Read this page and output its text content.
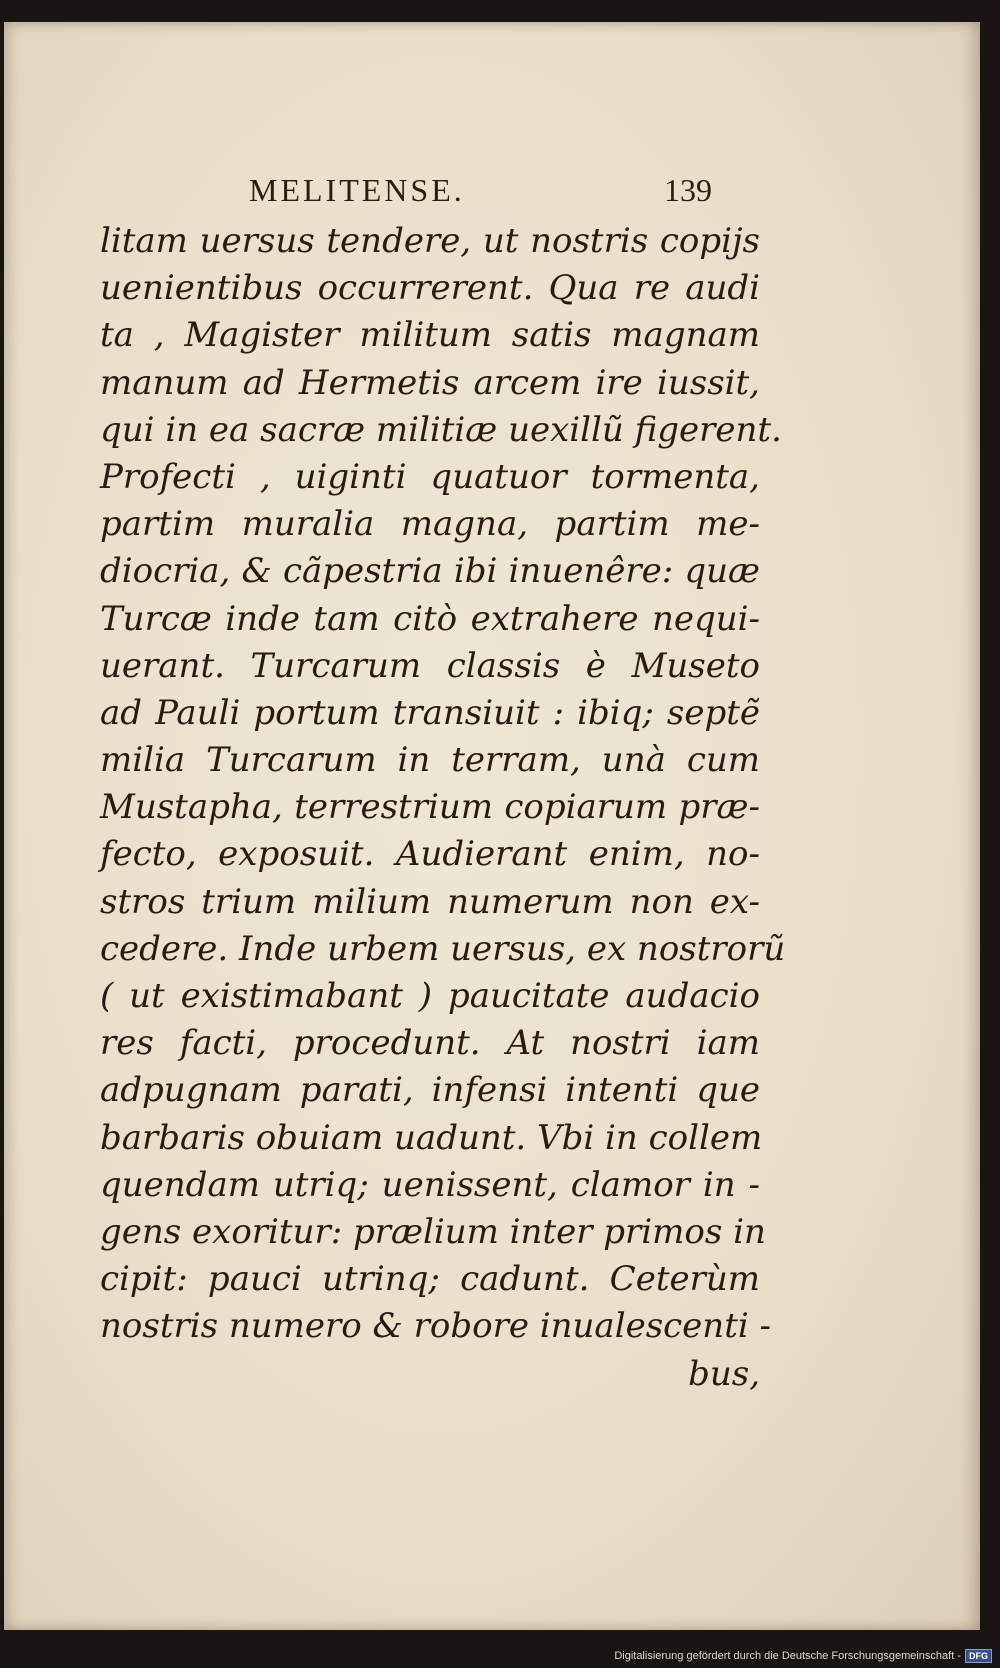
MELITENSE.	139
litam uersus tendere, ut nostris copijs
uenientibus occurrerent. Qua re audi
ta , Magister militum satis magnam
manum ad Hermetis arcem ire iussit,
qui in ea sacræ militiæ uexillũ figerent.
Profecti , uiginti quatuor tormenta,
partim muralia magna, partim me-
diocria, & cãpestria ibi inuenêre: quæ
Turcæ inde tam citò extrahere nequi-
uerant. Turcarum classis è Museto
ad Pauli portum transiuit : ibiq; septẽ
milia Turcarum in terram, unà cum
Mustapha, terrestrium copiarum præ-
fecto, exposuit. Audierant enim, no-
stros trium milium numerum non ex-
cedere. Inde urbem uersus, ex nostrorũ
( ut existimabant ) paucitate audacio
res facti, procedunt. At nostri iam
adpugnam parati, infensi intenti que
barbaris obuiam uadunt. Vbi in collem
quendam utriq; uenissent, clamor in -
gens exoritur: prælium inter primos in
cipit: pauci utrinq; cadunt. Ceterùm
nostris numero & robore inualescenti -
bus,
Digitalisierung gefördert durch die Deutsche Forschungsgemeinschaft - DFG
